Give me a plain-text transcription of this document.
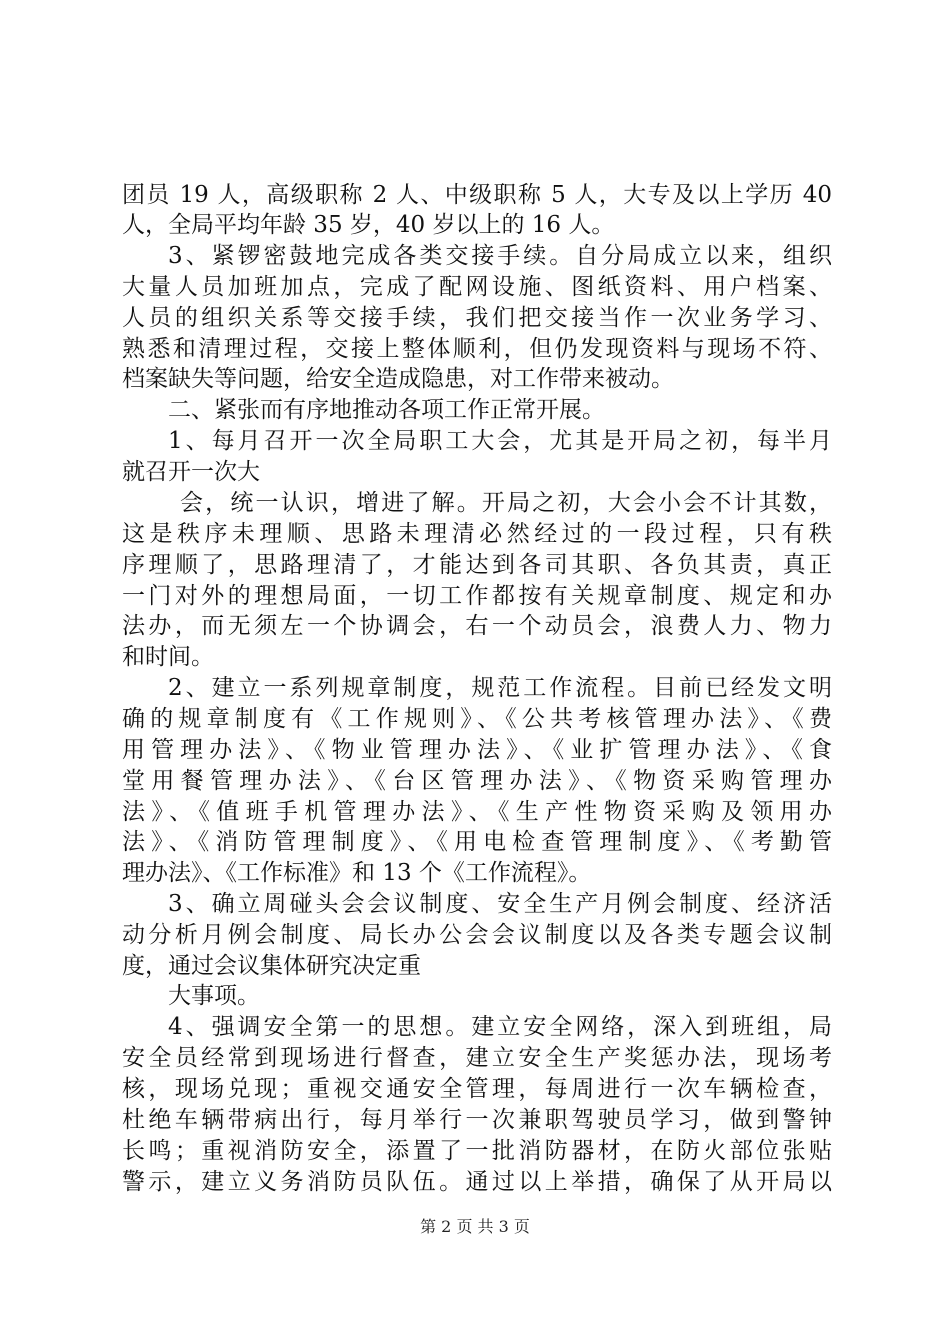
团员 19 人，高级职称 2 人、中级职称 5 人，大专及以上学历 40
人，全局平均年龄 35 岁，40 岁以上的 16 人。
3、紧锣密鼓地完成各类交接手续。自分局成立以来，组织
大量人员加班加点，完成了配网设施、图纸资料、用户档案、
人员的组织关系等交接手续，我们把交接当作一次业务学习、
熟悉和清理过程，交接上整体顺利，但仍发现资料与现场不符、
档案缺失等问题，给安全造成隐患，对工作带来被动。
二、紧张而有序地推动各项工作正常开展。
1、每月召开一次全局职工大会，尤其是开局之初，每半月
就召开一次大
会，统一认识，增进了解。开局之初，大会小会不计其数，
这是秩序未理顺、思路未理清必然经过的一段过程，只有秩
序理顺了，思路理清了，才能达到各司其职、各负其责，真正
一门对外的理想局面，一切工作都按有关规章制度、规定和办
法办，而无须左一个协调会，右一个动员会，浪费人力、物力
和时间。
2、建立一系列规章制度，规范工作流程。目前已经发文明
确的规章制度有《工作规则》、《公共考核管理办法》、《费
用管理办法》、《物业管理办法》、《业扩管理办法》、《食
堂用餐管理办法》、《台区管理办法》、《物资采购管理办
法》、《值班手机管理办法》、《生产性物资采购及领用办
法》、《消防管理制度》、《用电检查管理制度》、《考勤管
理办法》、《工作标准》和 13 个《工作流程》。
3、确立周碰头会会议制度、安全生产月例会制度、经济活
动分析月例会制度、局长办公会会议制度以及各类专题会议制
度，通过会议集体研究决定重
大事项。
4、强调安全第一的思想。建立安全网络，深入到班组，局
安全员经常到现场进行督查，建立安全生产奖惩办法，现场考
核，现场兑现；重视交通安全管理，每周进行一次车辆检查，
杜绝车辆带病出行，每月举行一次兼职驾驶员学习，做到警钟
长鸣；重视消防安全，添置了一批消防器材，在防火部位张贴
警示，建立义务消防员队伍。通过以上举措，确保了从开局以
第 2 页 共 3 页
